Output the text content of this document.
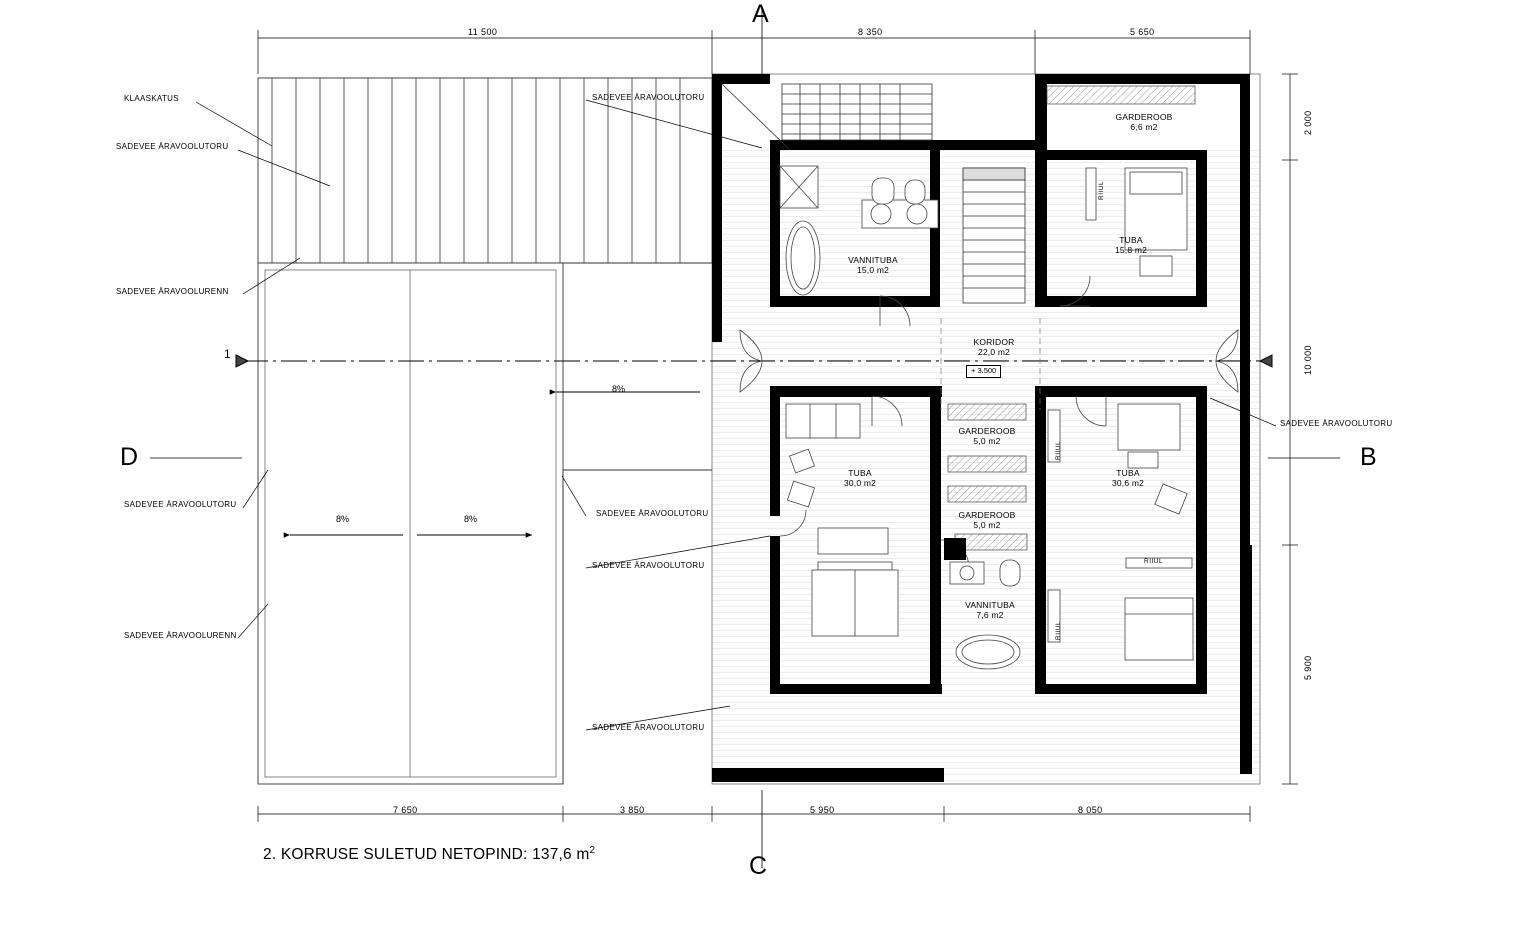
A
B
C
D
11 500	8 350	5 650
7 650	3 850	5 950	8 050
2 000
10 000
5 900
KLAASKATUS
SADEVEE ÄRAVOOLUTORU
SADEVEE ÄRAVOOLURENN
SADEVEE ÄRAVOOLUTORU
SADEVEE ÄRAVOOLURENN
SADEVEE ÄRAVOOLUTORU
SADEVEE ÄRAVOOLUTORU
SADEVEE ÄRAVOOLUTORU
SADEVEE ÄRAVOOLUTORU
SADEVEE ÄRAVOOLUTORU
8%	8%
8%
1
GARDEROOB
6,6 m2
TUBA
15,8 m2
VANNITUBA
15,0 m2
KORIDOR
22,0 m2
GARDEROOB
5,0 m2
GARDEROOB
5,0 m2
TUBA
30,0 m2
TUBA
30,6 m2
VANNITUBA
7,6 m2
+ 3.500
RIIUL
RIIUL
RIIUL
RIIUL
2. KORRUSE SULETUD NETOPIND: 137,6 $m^2$
